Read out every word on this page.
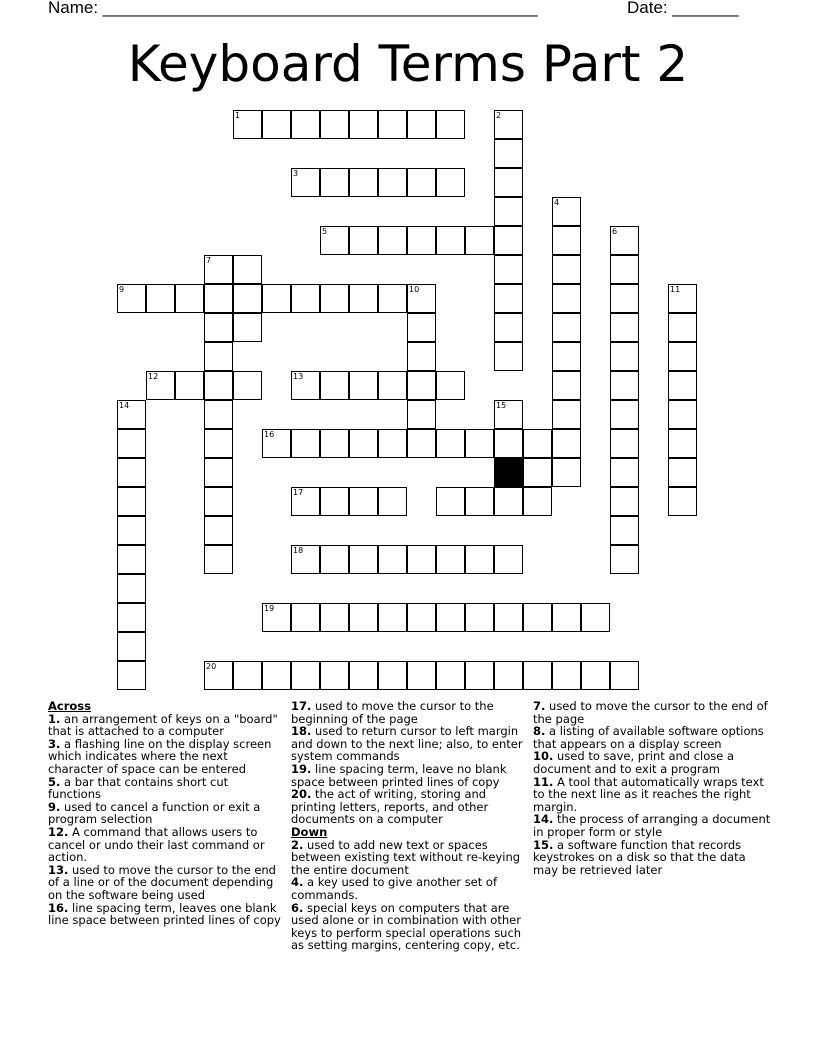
Name: ______________________________________________	Date: _______
Keyboard Terms Part 2
1	2
3
4
5	6
7
9	11
10
12	13
14	15
16
17
18
19
20

Across

1. an arrangement of keys on a "board" that is attached to a computer

3. a flashing line on the display screen which indicates where the next character of space can be entered

5. a bar that contains short cut functions

9. used to cancel a function or exit a program selection

12. A command that allows users to cancel or undo their last command or action.

13. used to move the cursor to the end of a line or of the document depending on the software being used

16. line spacing term, leaves one blank line space between printed lines of copy

17. used to move the cursor to the beginning of the page

18. used to return cursor to left margin and down to the next line; also, to enter system commands

19. line spacing term, leave no blank space between printed lines of copy

20. the act of writing, storing and printing letters, reports, and other documents on a computer

Down

2. used to add new text or spaces between existing text without re-keying the entire document

4. a key used to give another set of commands.

6. special keys on computers that are used alone or in combination with other keys to perform special operations such as setting margins, centering copy, etc.

7. used to move the cursor to the end of the page

8. a listing of available software options that appears on a display screen

10. used to save, print and close a document and to exit a program

11. A tool that automatically wraps text to the next line as it reaches the right margin.

14. the process of arranging a document in proper form or style

15. a software function that records keystrokes on a disk so that the data may be retrieved later
